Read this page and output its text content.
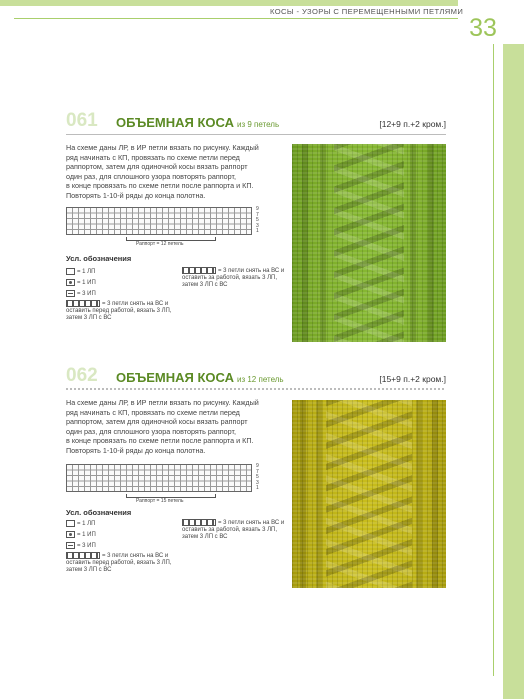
КОСЫ - УЗОРЫ С ПЕРЕМЕЩЕННЫМИ ПЕТЛЯМИ
33
061 ОБЪЕМНАЯ КОСА из 9 петель	[12+9 п.+2 кром.]
На схеме даны ЛР, в ИР петли вязать по рисунку. Каждый
ряд начинать с КП, провязать по схеме петли перед
раппортом, затем для одиночной косы вязать раппорт
один раз, для сплошного узора повторять раппорт,
в конце провязать по схеме петли после раппорта и КП.
Повторять 1-10-й ряды до конца полотна.
9
7
5
3
1
Раппорт = 12 петель
Усл. обозначения
= 1 ЛП
= 1 ИП
= 3 ИП
= 3 петли снять на ВС и оставить перед работой, вязать 3 ЛП, затем 3 ЛП с ВС
= 3 петли снять на ВС и оставить за работой, вязать 3 ЛП, затем 3 ЛП с ВС
062 ОБЪЕМНАЯ КОСА из 12 петель	[15+9 п.+2 кром.]
На схеме даны ЛР, в ИР петли вязать по рисунку. Каждый
ряд начинать с КП, провязать по схеме петли перед
раппортом, затем для одиночной косы вязать раппорт
один раз, для сплошного узора повторять раппорт,
в конце провязать по схеме петли после раппорта и КП.
Повторять 1-10-й ряды до конца полотна.
9
7
5
3
1
Раппорт = 15 петель
Усл. обозначения
= 1 ЛП
= 1 ИП
= 3 ИП
= 3 петли снять на ВС и оставить перед работой, вязать 3 ЛП, затем 3 ЛП с ВС
= 3 петли снять на ВС и оставить за работой, вязать 3 ЛП, затем 3 ЛП с ВС
